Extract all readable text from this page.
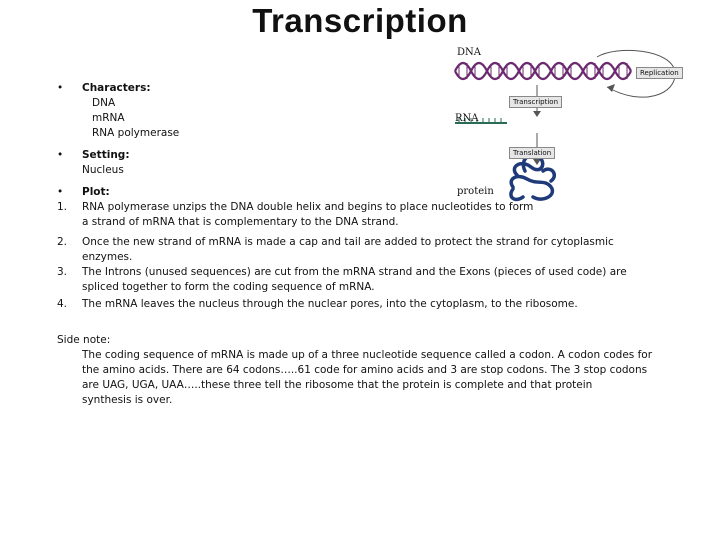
Transcription
• Characters:
DNA
mRNA
RNA polymerase
• Setting:
Nucleus
• Plot:
1. RNA polymerase unzips the DNA double helix and begins to place nucleotides to form
a strand of mRNA that is complementary to the DNA strand.
2. Once the new strand of mRNA is made a cap and tail are added to protect the strand for cytoplasmic
enzymes.
3. The Introns (unused sequences) are cut from the mRNA strand and the Exons (pieces of used code) are
spliced together to form the coding sequence of mRNA.
4. The mRNA leaves the nucleus through the nuclear pores, into the cytoplasm, to the ribosome.
Side note:
The coding sequence of mRNA is made up of a three nucleotide sequence called a codon. A codon codes for
the amino acids. There are 64 codons…..61 code for amino acids and 3 are stop codons. The 3 stop codons
are UAG, UGA, UAA…..these three tell the ribosome that the protein is complete and that protein
synthesis is over.
DNA
RNA
protein
Replication
Transcription
Translation
